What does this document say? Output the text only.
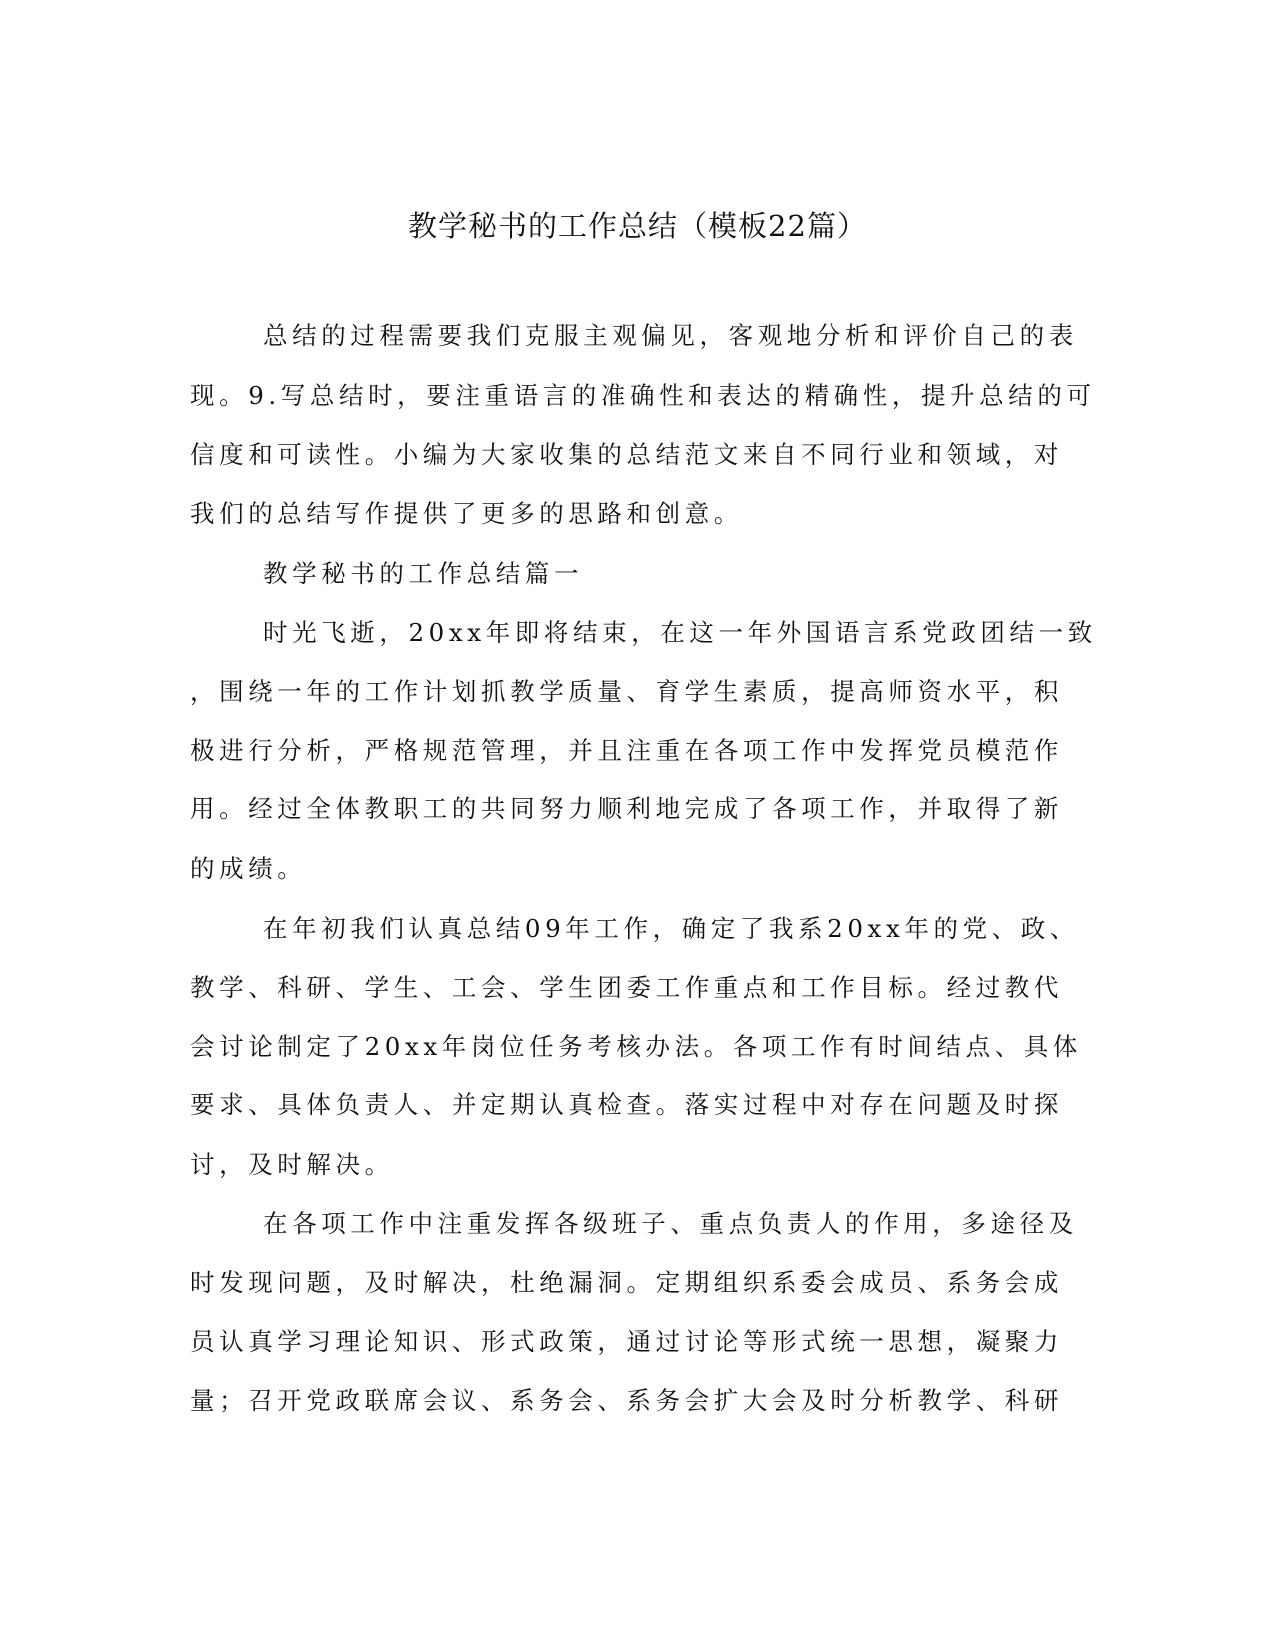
教学秘书的工作总结（模板22篇）

总结的过程需要我们克服主观偏见，客观地分析和评价自己的表

现。9.写总结时，要注重语言的准确性和表达的精确性，提升总结的可

信度和可读性。小编为大家收集的总结范文来自不同行业和领域，对

我们的总结写作提供了更多的思路和创意。

教学秘书的工作总结篇一

时光飞逝，20xx年即将结束，在这一年外国语言系党政团结一致

，围绕一年的工作计划抓教学质量、育学生素质，提高师资水平，积

极进行分析，严格规范管理，并且注重在各项工作中发挥党员模范作

用。经过全体教职工的共同努力顺利地完成了各项工作，并取得了新

的成绩。

在年初我们认真总结09年工作，确定了我系20xx年的党、政、

教学、科研、学生、工会、学生团委工作重点和工作目标。经过教代

会讨论制定了20xx年岗位任务考核办法。各项工作有时间结点、具体

要求、具体负责人、并定期认真检查。落实过程中对存在问题及时探

讨，及时解决。

在各项工作中注重发挥各级班子、重点负责人的作用，多途径及

时发现问题，及时解决，杜绝漏洞。定期组织系委会成员、系务会成

员认真学习理论知识、形式政策，通过讨论等形式统一思想，凝聚力

量；召开党政联席会议、系务会、系务会扩大会及时分析教学、科研
